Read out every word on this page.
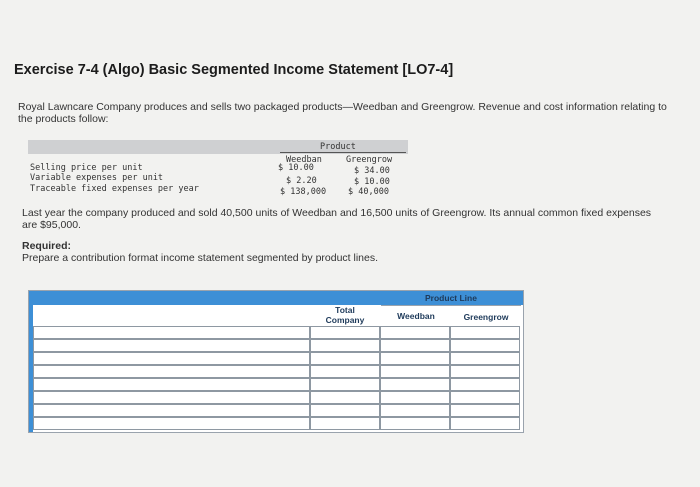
Exercise 7-4 (Algo) Basic Segmented Income Statement [LO7-4]
Royal Lawncare Company produces and sells two packaged products—Weedban and Greengrow. Revenue and cost information relating to the products follow:
Product
Weedban	Greengrow
Selling price per unit	$ 10.00	$ 34.00
Variable expenses per unit	$ 2.20	$ 10.00
Traceable fixed expenses per year	$ 138,000	$ 40,000
Last year the company produced and sold 40,500 units of Weedban and 16,500 units of Greengrow. Its annual common fixed expenses are $95,000.
Required:
Prepare a contribution format income statement segmented by product lines.
Product Line
Total
Company	Weedban	Greengrow
